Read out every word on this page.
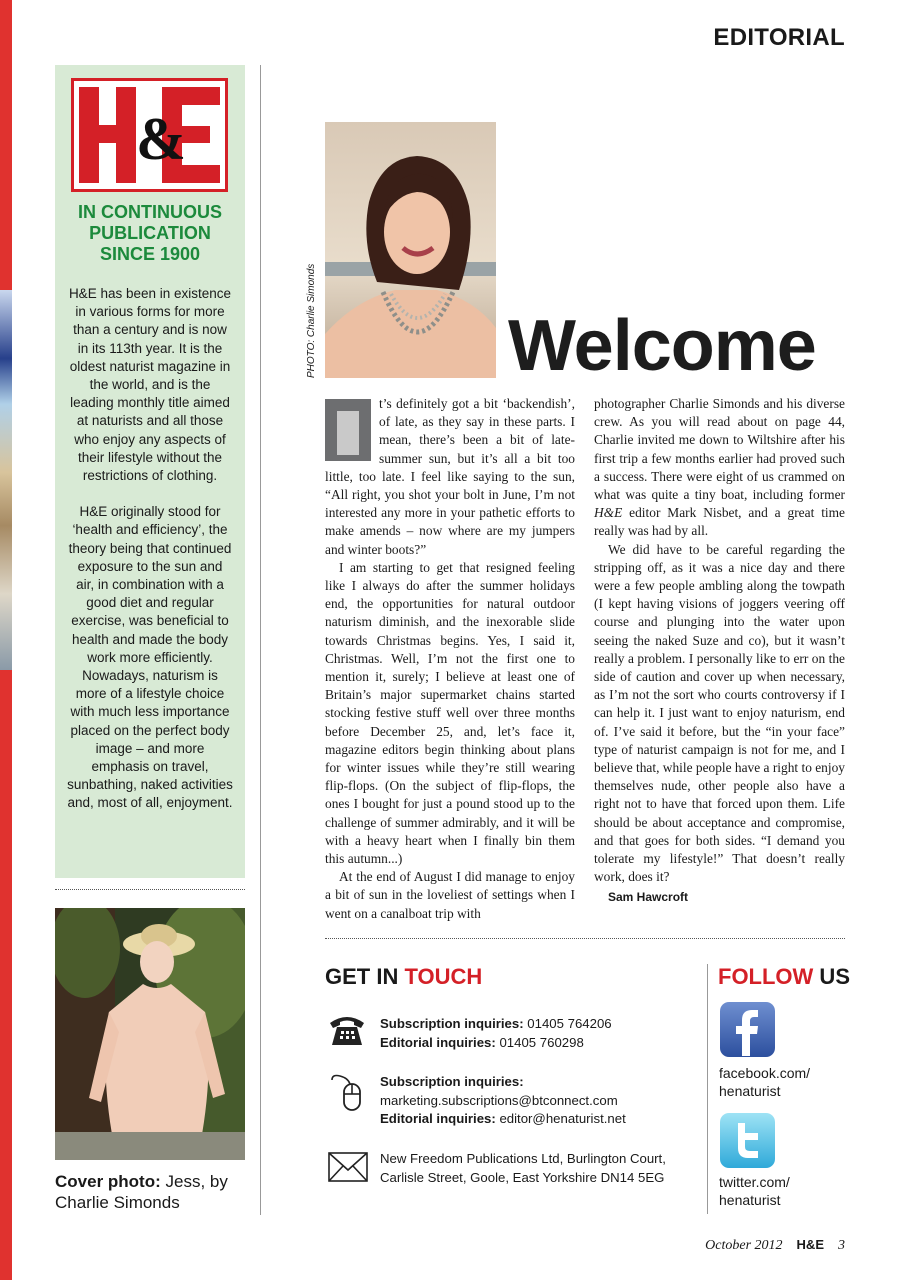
EDITORIAL
&
IN CONTINUOUS
PUBLICATION
SINCE 1900

H&E has been in existence in various forms for more than a century and is now in its 113th year. It is the oldest naturist magazine in the world, and is the leading monthly title aimed at naturists and all those who enjoy any aspects of their lifestyle without the restrictions of clothing.

H&E originally stood for ‘health and efficiency’, the theory being that continued exposure to the sun and air, in combination with a good diet and regular exercise, was beneficial to health and made the body work more efficiently. Nowadays, naturism is more of a lifestyle choice with much less importance placed on the perfect body image – and more emphasis on travel, sunbathing, naked activities and, most of all, enjoyment.

Cover photo: Jess, by Charlie Simonds
PHOTO: Charlie Simonds	Welcome

t’s definitely got a bit ‘backendish’, of late, as they say in these parts. I mean, there’s been a bit of late-summer sun, but it’s all a bit too little, too late. I feel like saying to the sun, “All right, you shot your bolt in June, I’m not interested any more in your pathetic efforts to make amends – now where are my jumpers and winter boots?”

I am starting to get that resigned feeling like I always do after the summer holidays end, the opportunities for natural outdoor naturism diminish, and the inexorable slide towards Christmas begins. Yes, I said it, Christmas. Well, I’m not the first one to mention it, surely; I believe at least one of Britain’s major supermarket chains started stocking festive stuff well over three months before December 25, and, let’s face it, magazine editors begin thinking about plans for winter issues while they’re still wearing flip-flops. (On the subject of flip-flops, the ones I bought for just a pound stood up to the challenge of summer admirably, and it will be with a heavy heart when I finally bin them this autumn...)

At the end of August I did manage to enjoy a bit of sun in the loveliest of settings when I went on a canalboat trip with

photographer Charlie Simonds and his diverse crew. As you will read about on page 44, Charlie invited me down to Wiltshire after his first trip a few months earlier had proved such a success. There were eight of us crammed on what was quite a tiny boat, including former H&E editor Mark Nisbet, and a great time really was had by all.

We did have to be careful regarding the stripping off, as it was a nice day and there were a few people ambling along the towpath (I kept having visions of joggers veering off course and plunging into the water upon seeing the naked Suze and co), but it wasn’t really a problem. I personally like to err on the side of caution and cover up when necessary, as I’m not the sort who courts controversy if I can help it. I just want to enjoy naturism, end of. I’ve said it before, but the “in your face” type of naturist campaign is not for me, and I believe that, while people have a right to enjoy themselves nude, other people also have a right not to have that forced upon them. Life should be about acceptance and compromise, and that goes for both sides. “I demand you tolerate my lifestyle!” That doesn’t really work, does it?

Sam Hawcroft

GET IN TOUCH
Subscription inquiries: 01405 764206
Editorial inquiries: 01405 760298
Subscription inquiries:
marketing.subscriptions@btconnect.com
Editorial inquiries: editor@henaturist.net
New Freedom Publications Ltd, Burlington Court,
Carlisle Street, Goole, East Yorkshire DN14 5EG
FOLLOW US
facebook.com/
henaturist
twitter.com/
henaturist
October 2012 H&E 3
